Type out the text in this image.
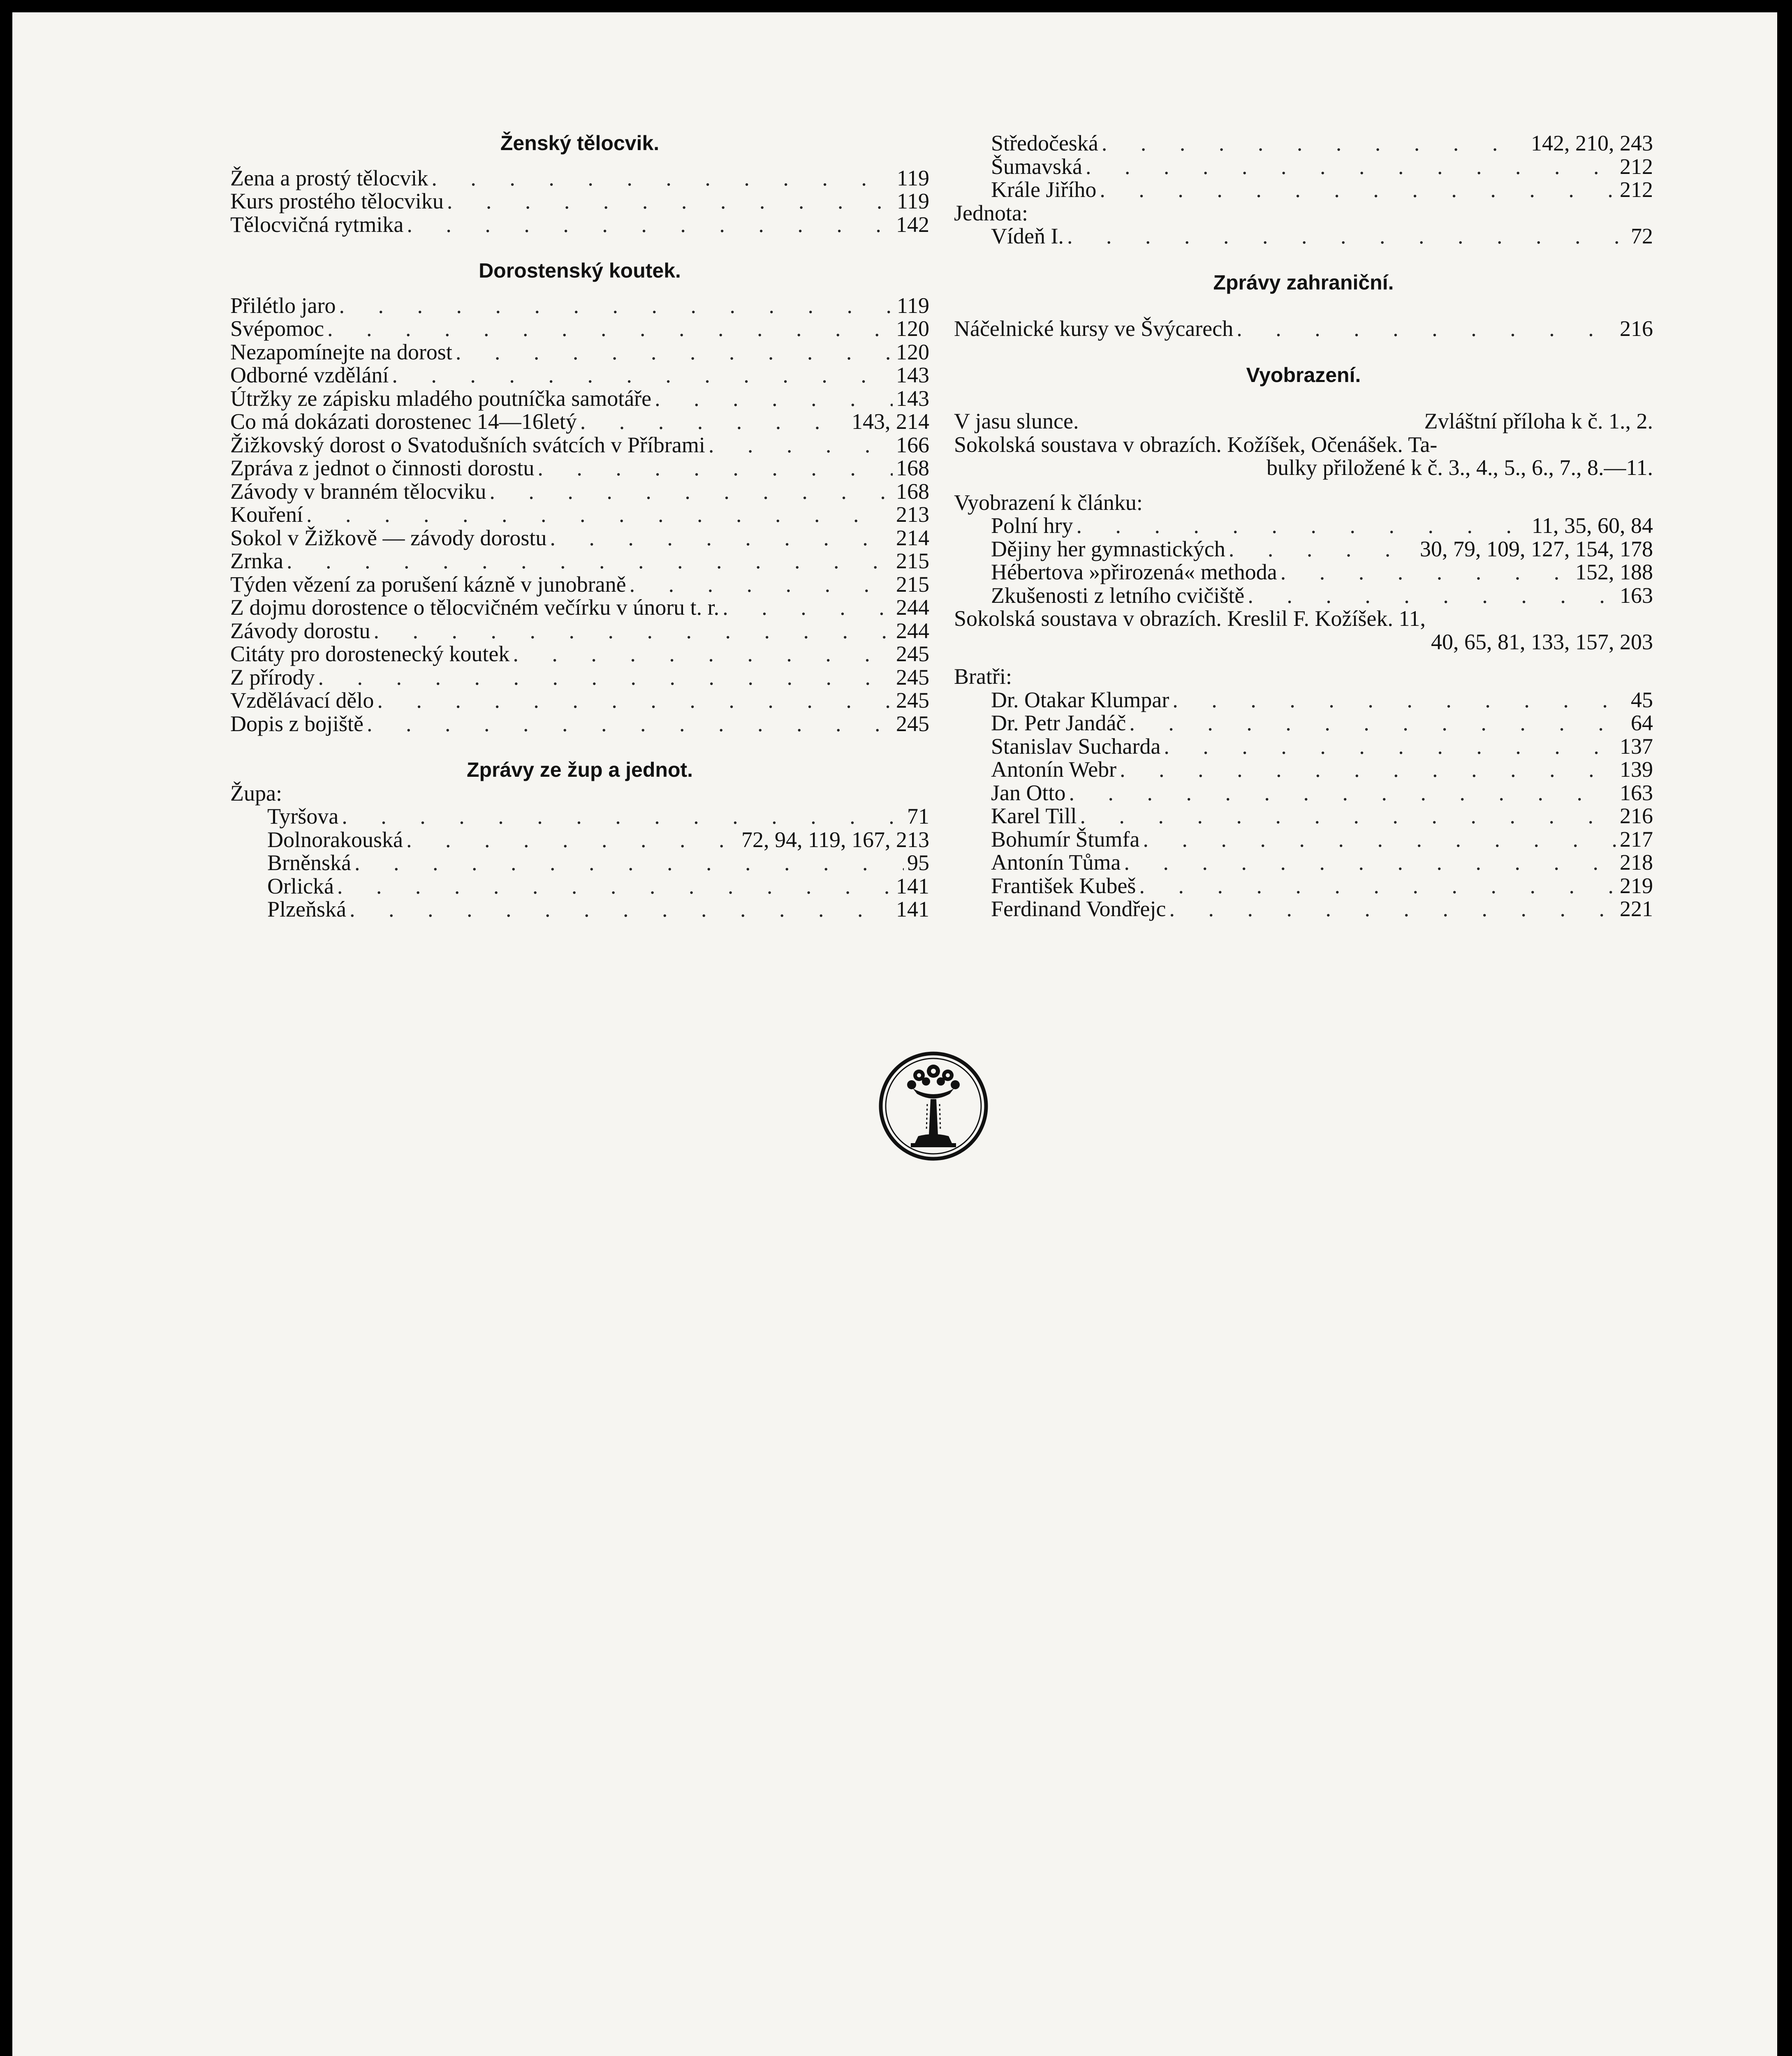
Ženský tělocvik.
Žena a prostý tělocvik . . .	119
Kurs prostého tělocviku . . .	119
Tělocvičná rytmika . . .	142
Dorostenský koutek.
Přilétlo jaro . . .	119
Svépomoc . . .	120
Nezapomínejte na dorost . . .	120
Odborné vzdělání . . .	143
Útržky ze zápisku mladého poutníčka samotáře . . .	143
Co má dokázati dorostenec 14—16letý . . .	143, 214
Žižkovský dorost o Svatodušních svátcích v Příbrami . . .	166
Zpráva z jednot o činnosti dorostu . . .	168
Závody v branném tělocviku . . .	168
Kouření . . .	213
Sokol v Žižkově — závody dorostu . . .	214
Zrnka . . .	215
Týden vězení za porušení kázně v junobraně . . .	215
Z dojmu dorostence o tělocvičném večírku v únoru t. r. . . .	244
Závody dorostu . . .	244
Citáty pro dorostenecký koutek . . .	245
Z přírody . . .	245
Vzdělávací dělo . . .	245
Dopis z bojiště . . .	245
Zprávy ze žup a jednot.
Župa:
Tyršova . . .	71
Dolnorakouská . . .	72, 94, 119, 167, 213
Brněnská . . .	95
Orlická . . .	141
Plzeňská . . .	141
Středočeská . . .	142, 210, 243
Šumavská . . .	212
Krále Jiřího . . .	212
Jednota:
Vídeň I. . . .	72
Zprávy zahraniční.
Náčelnické kursy ve Švýcarech . . .	216
Vyobrazení.
V jasu slunce.	Zvláštní příloha k č. 1., 2.
Sokolská soustava v obrazích. Kožíšek, Očenášek. Ta-
bulky přiložené k č. 3., 4., 5., 6., 7., 8.—11.
Vyobrazení k článku:
Polní hry . . .	11, 35, 60, 84
Dějiny her gymnastických . . .	30, 79, 109, 127, 154, 178
Hébertova »přirozená« methoda . . .	152, 188
Zkušenosti z letního cvičiště . . .	163
Sokolská soustava v obrazích. Kreslil F. Kožíšek. 11,
40, 65, 81, 133, 157, 203
Bratři:
Dr. Otakar Klumpar . . .	45
Dr. Petr Jandáč . . .	64
Stanislav Sucharda . . .	137
Antonín Webr . . .	139
Jan Otto . . .	163
Karel Till . . .	216
Bohumír Štumfa . . .	217
Antonín Tůma . . .	218
František Kubeš . . .	219
Ferdinand Vondřejc . . .	221
